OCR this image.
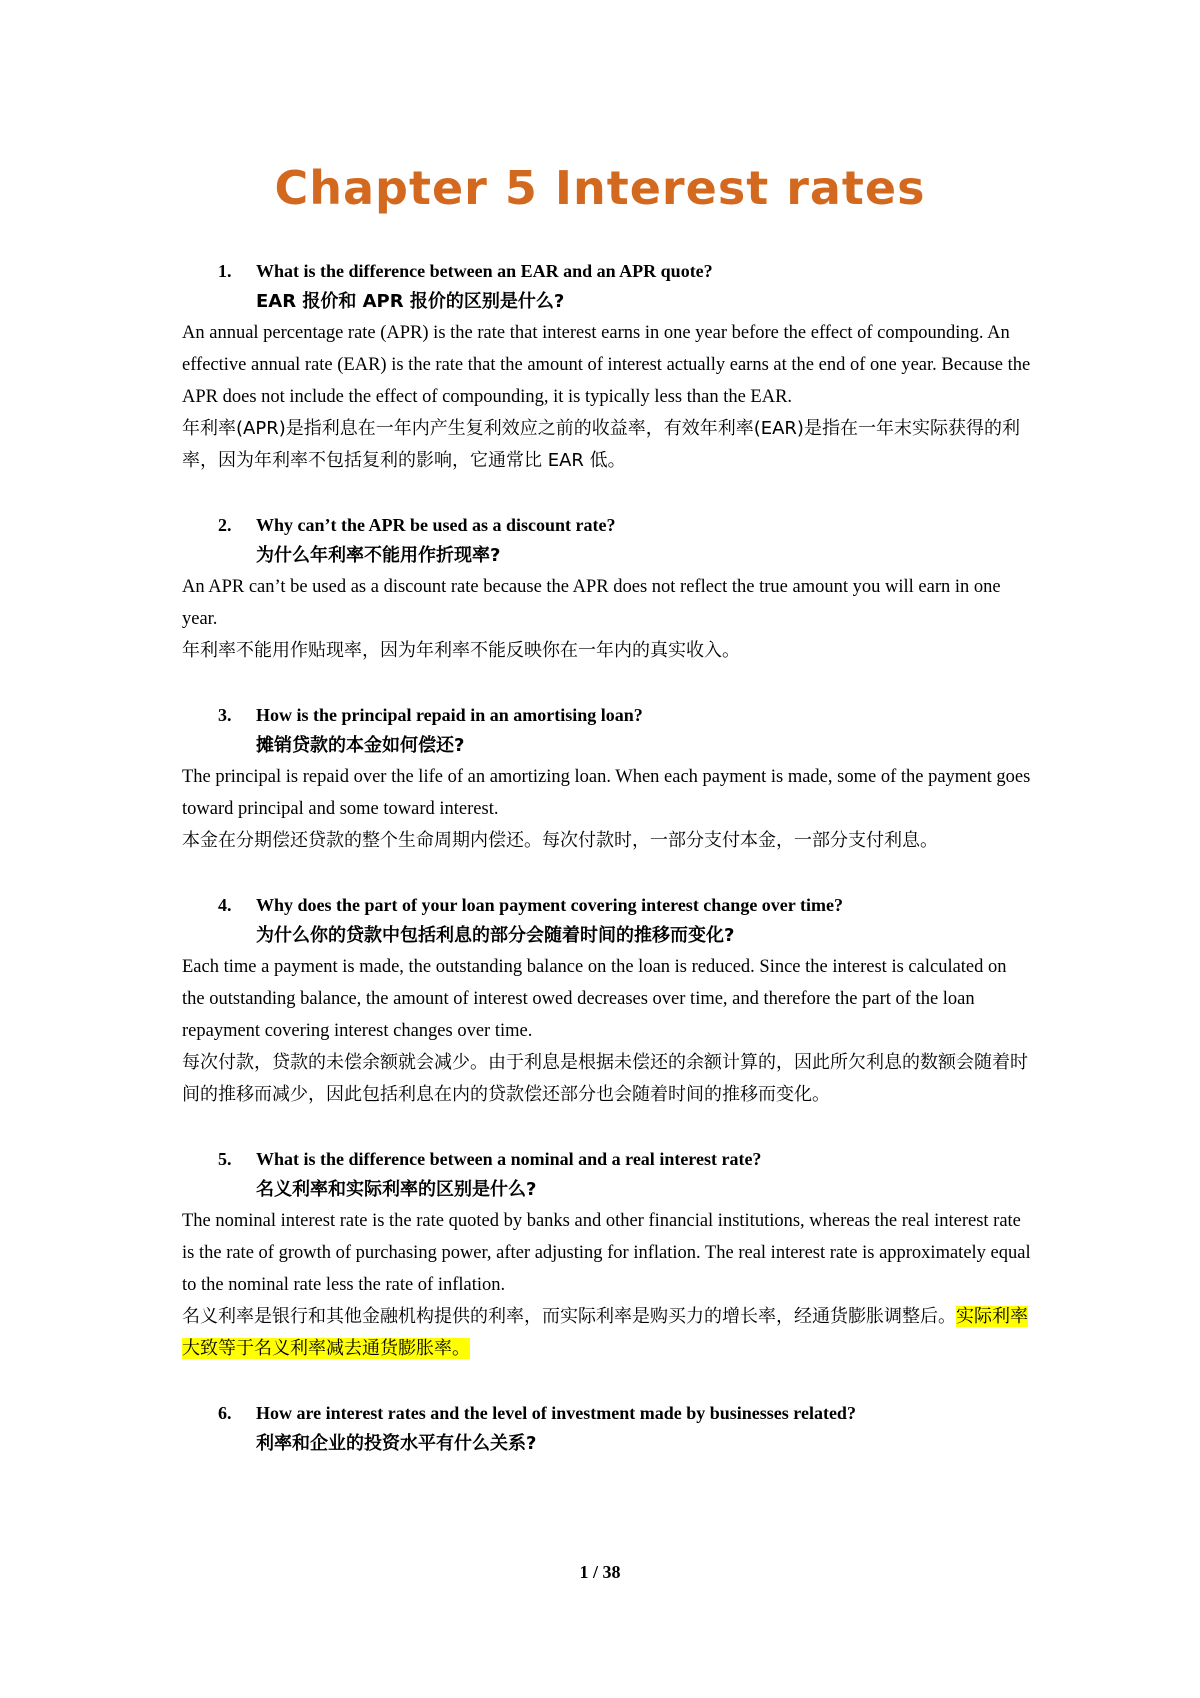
Chapter 5 Interest rates
1.	What is the difference between an EAR and an APR quote?
EAR 报价和 APR 报价的区别是什么?

An annual percentage rate (APR) is the rate that interest earns in one year before the effect of compounding. An effective annual rate (EAR) is the rate that the amount of interest actually earns at the end of one year. Because the APR does not include the effect of compounding, it is typically less than the EAR.

年利率(APR)是指利息在一年内产生复利效应之前的收益率，有效年利率(EAR)是指在一年末实际获得的利率，因为年利率不包括复利的影响，它通常比 EAR 低。

2.	Why can’t the APR be used as a discount rate?
为什么年利率不能用作折现率?

An APR can’t be used as a discount rate because the APR does not reflect the true amount you will earn in one year.

年利率不能用作贴现率，因为年利率不能反映你在一年内的真实收入。

3.	How is the principal repaid in an amortising loan?
摊销贷款的本金如何偿还?

The principal is repaid over the life of an amortizing loan. When each payment is made, some of the payment goes toward principal and some toward interest.

本金在分期偿还贷款的整个生命周期内偿还。每次付款时，一部分支付本金，一部分支付利息。

4.	Why does the part of your loan payment covering interest change over time?
为什么你的贷款中包括利息的部分会随着时间的推移而变化?

Each time a payment is made, the outstanding balance on the loan is reduced. Since the interest is calculated on the outstanding balance, the amount of interest owed decreases over time, and therefore the part of the loan repayment covering interest changes over time.

每次付款，贷款的未偿余额就会减少。由于利息是根据未偿还的余额计算的，因此所欠利息的数额会随着时间的推移而减少，因此包括利息在内的贷款偿还部分也会随着时间的推移而变化。

5.	What is the difference between a nominal and a real interest rate?
名义利率和实际利率的区别是什么?

The nominal interest rate is the rate quoted by banks and other financial institutions, whereas the real interest rate is the rate of growth of purchasing power, after adjusting for inflation. The real interest rate is approximately equal to the nominal rate less the rate of inflation.

名义利率是银行和其他金融机构提供的利率，而实际利率是购买力的增长率，经通货膨胀调整后。实际利率大致等于名义利率减去通货膨胀率。

6.	How are interest rates and the level of investment made by businesses related?
利率和企业的投资水平有什么关系?
1 / 38
